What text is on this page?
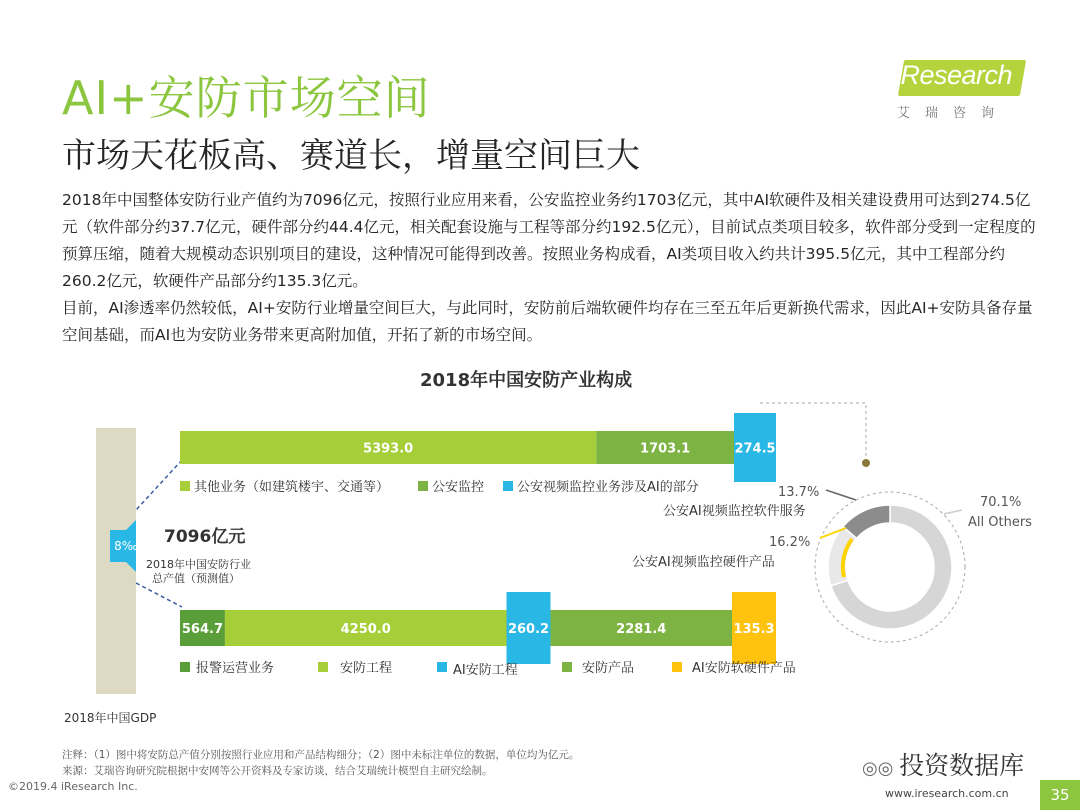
AI+安防市场空间
市场天花板高、赛道长，增量空间巨大
iResearch
艾瑞咨询

2018年中国整体安防行业产值约为7096亿元，按照行业应用来看，公安监控业务约1703亿元，其中AI软硬件及相关建设费用可达到274.5亿元（软件部分约37.7亿元，硬件部分约44.4亿元，相关配套设施与工程等部分约192.5亿元），目前试点类项目较多，软件部分受到一定程度的预算压缩，随着大规模动态识别项目的建设，这种情况可能得到改善。按照业务构成看，AI类项目收入约共计395.5亿元，其中工程部分约260.2亿元，软硬件产品部分约135.3亿元。

目前，AI渗透率仍然较低，AI+安防行业增量空间巨大，与此同时，安防前后端软硬件均存在三至五年后更新换代需求，因此AI+安防具备存量空间基础，而AI也为安防业务带来更高附加值，开拓了新的市场空间。

2018年中国安防产业构成
8‰
5393.0	1703.1	274.5
564.7	4250.0	260.2	2281.4	135.3
其他业务（如建筑楼宇、交通等）	公安监控	公安视频监控业务涉及AI的部分
报警运营业务	安防工程	AI安防工程	安防产品	AI安防软硬件产品
7096亿元
2018年中国安防行业
总产值（预测值）
2018年中国GDP
70.1%
All Others
13.7%
公安AI视频监控软件服务
16.2%
公安AI视频监控硬件产品
注释：（1）图中将安防总产值分别按照行业应用和产品结构细分；（2）图中未标注单位的数据，单位均为亿元。
来源：艾瑞咨询研究院根据中安网等公开资料及专家访谈，结合艾瑞统计模型自主研究绘制。	◎◎ 投资数据库
©2019.4 iResearch Inc.
www.iresearch.com.cn	35
